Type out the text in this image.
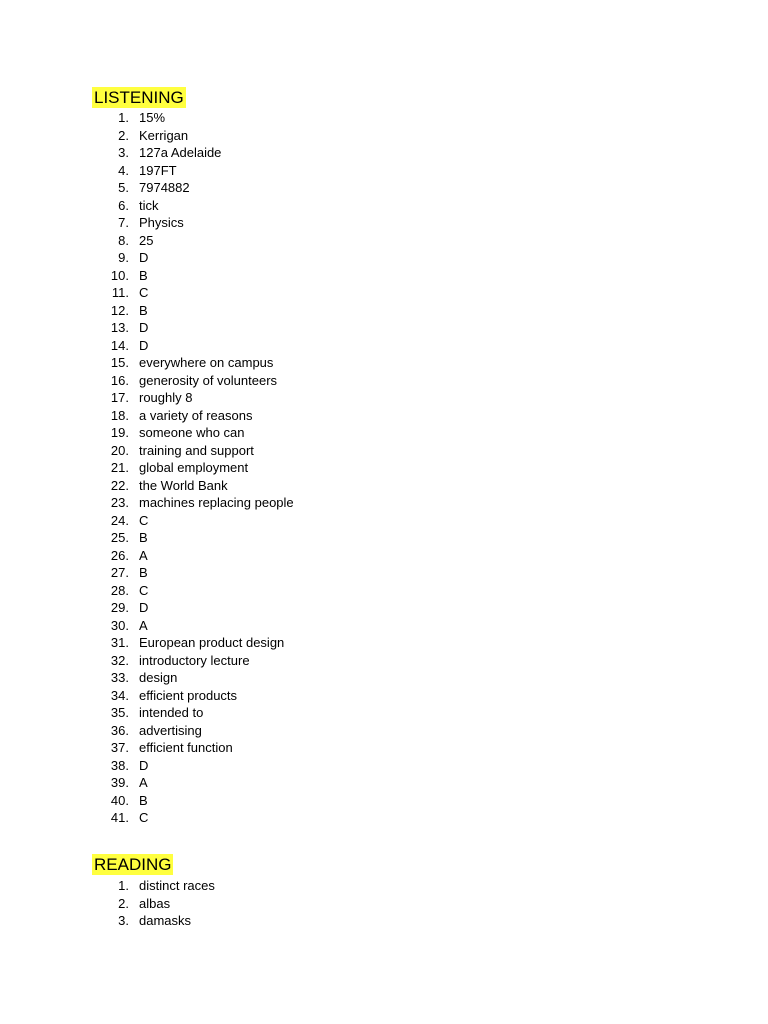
LISTENING
1. 15%
2. Kerrigan
3. 127a Adelaide
4. 197FT
5. 7974882
6. tick
7. Physics
8. 25
9. D
10. B
11. C
12. B
13. D
14. D
15. everywhere on campus
16. generosity of volunteers
17. roughly 8
18. a variety of reasons
19. someone who can
20. training and support
21. global employment
22. the World Bank
23. machines replacing people
24. C
25. B
26. A
27. B
28. C
29. D
30. A
31. European product design
32. introductory lecture
33. design
34. efficient products
35. intended to
36. advertising
37. efficient function
38. D
39. A
40. B
41. C
READING
1. distinct races
2. albas
3. damasks
